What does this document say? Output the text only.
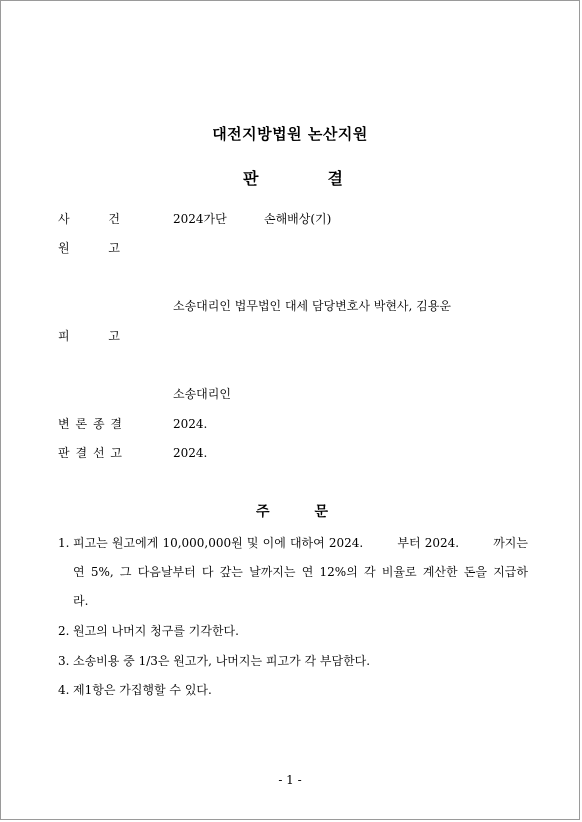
대전지방법원 논산지원
판	결
사	건	2024가단	손해배상(기)
원	고
소송대리인 법무법인 대세 담당변호사 박현사, 김용운
피	고
소송대리인
변 론 종 결	2024.
판 결 선 고	2024.
주	문
1. 피고는 원고에게 10,000,000원 및 이에 대하여 2024.	부터 2024.	까지는
연 5%, 그 다음날부터 다 갚는 날까지는 연 12%의 각 비율로 계산한 돈을 지급하
라.
2. 원고의 나머지 청구를 기각한다.
3. 소송비용 중 1/3은 원고가, 나머지는 피고가 각 부담한다.
4. 제1항은 가집행할 수 있다.
- 1 -
